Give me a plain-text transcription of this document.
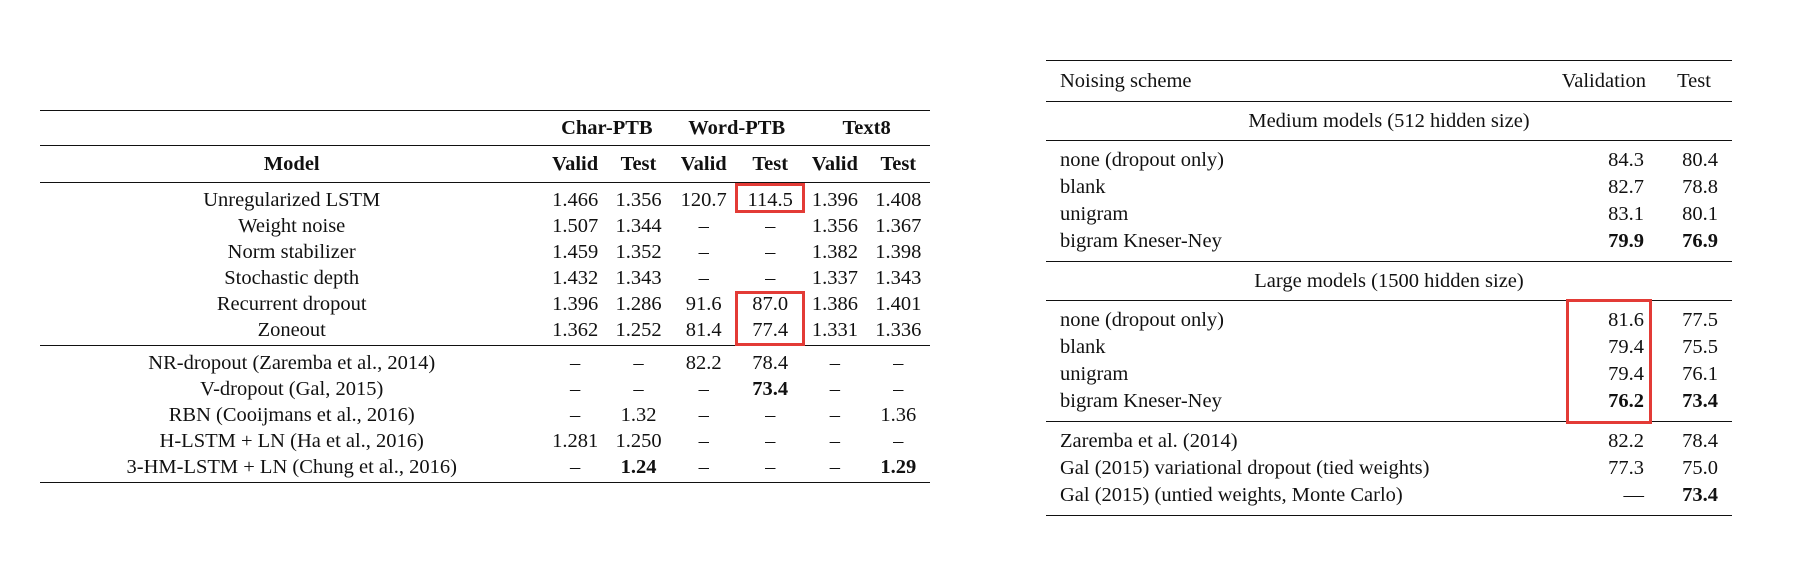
	Char-PTB		Word-PTB		Text8	
Model	Valid	Test	Valid	Test	Valid	Test
Unregularized LSTM	1.466	1.356	120.7	114.5	1.396	1.408
Weight noise	1.507	1.344	–	–	1.356	1.367
Norm stabilizer	1.459	1.352	–	–	1.382	1.398
Stochastic depth	1.432	1.343	–	–	1.337	1.343
Recurrent dropout	1.396	1.286	91.6	87.0	1.386	1.401
Zoneout	1.362	1.252	81.4	77.4	1.331	1.336
NR-dropout (Zaremba et al., 2014)	–	–	82.2	78.4	–	–
V-dropout (Gal, 2015)	–	–	–	73.4	–	–
RBN (Cooijmans et al., 2016)	–	1.32	–	–	–	1.36
H-LSTM + LN (Ha et al., 2016)	1.281	1.250	–	–	–	–
3-HM-LSTM + LN (Chung et al., 2016)	–	1.24	–	–	–	1.29
Noising scheme	Validation	Test
Medium models (512 hidden size)		
none (dropout only)	84.3	80.4
blank	82.7	78.8
unigram	83.1	80.1
bigram Kneser-Ney	79.9	76.9
Large models (1500 hidden size)		
none (dropout only)	81.6	77.5
blank	79.4	75.5
unigram	79.4	76.1
bigram Kneser-Ney	76.2	73.4
Zaremba et al. (2014)	82.2	78.4
Gal (2015) variational dropout (tied weights)	77.3	75.0
Gal (2015) (untied weights, Monte Carlo)	—	73.4
